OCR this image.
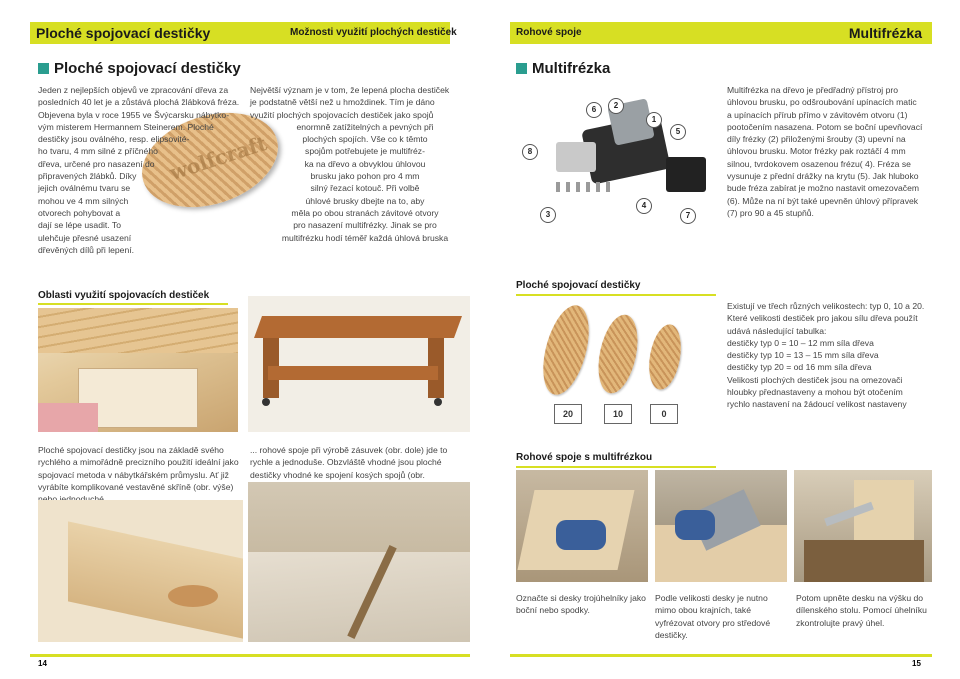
Ploché spojovací destičky	Možnosti využití plochých destiček	Rohové spoje	Multifrézka
Ploché spojovací destičky
wolfcraft
Jeden z nejlepších objevů ve zpracování dřeva za
posledních 40 let je a zůstává plochá žlábková fréza.
Objevena byla v roce 1955 ve Švýcarsku nábytko-
vým misterem Hermannem Steinerem. Ploché
destičky jsou oválného, resp. elipsovité-
ho tvaru, 4 mm silné z příčného
dřeva, určené pro nasazení do
připravených žlábků. Díky
jejich oválnému tvaru se
mohou ve 4 mm silných
otvorech pohybovat a
dají se lépe usadit. To
ulehčuje přesné usazení
dřevěných dílů při lepení.
Největší význam je v tom, že lepená plocha destiček
je podstatně větší než u hmoždinek. Tím je dáno
využití plochých spojovacích destiček jako spojů
enormně zatížitelných a pevných při
plochých spojích. Vše co k těmto
spojům potřebujete je multifréz-
ka na dřevo a obvyklou úhlovou
brusku jako pohon pro 4 mm
silný řezací kotouč. Při volbě
úhlové brusky dbejte na to, aby
měla po obou stranách závitové otvory
pro nasazení multifrézky. Jinak se pro
multifrézku hodí téměř každá úhlová bruska
Oblasti využití spojovacích destiček
Ploché spojovací destičky jsou na základě svého
rychlého a mimořádně precizního použití ideální jako
spojovací metoda v nábytkářském průmyslu. Ať již
vyrábíte komplikované vestavěné skříně (obr. výše)
... rohové spoje při výrobě zásuvek (obr. dole) jde to
rychle a jednoduše. Obzvláště vhodné jsou ploché
destičky vhodné ke spojení kosých spojů (obr.
14
Multifrézka
8
3
6	2
1
4
5
7
Multifrézka na dřevo je předřadný přístroj pro
úhlovou brusku, po odšroubování upínacích matic
a upínacích přírub přímo v závitovém otvoru (1)
pootočením nasazena. Potom se boční upevňovací
díly frézky (2) přiloženými šrouby (3) upevní na
úhlovou brusku. Motor frézky pak roztáčí 4 mm
silnou, tvrdokovem osazenou frézu( 4). Fréza se
vysunuje z přední drážky na krytu (5). Jak hluboko
bude fréza zabírat je možno nastavit omezovačem
(6). Může na ní být také upevněn úhlový přípravek
(7) pro 90 a 45 stupňů.
Ploché spojovací destičky
20	10	0
Existují ve třech různých velikostech: typ 0, 10 a 20.
Které velikosti destiček pro jakou sílu dřeva použít
udává následující tabulka:
destičky typ 0 = 10 – 12 mm síla dřeva
destičky typ 10 = 13 – 15 mm síla dřeva
destičky typ 20 = od 16 mm síla dřeva
Velikosti plochých destiček jsou na omezovači
hloubky přednastaveny a mohou být otočením
rychlo nastavení na žádoucí velikost nastaveny
Rohové spoje s multifrézkou
Označte si desky trojúhelníky jako
boční nebo spodky.
Podle velikosti desky je nutno
mimo obou krajních, také
vyfrézovat otvory pro středové
destičky.
Potom upněte desku na výšku do
dílenského stolu. Pomocí úhelníku
zkontrolujte pravý úhel.
15
